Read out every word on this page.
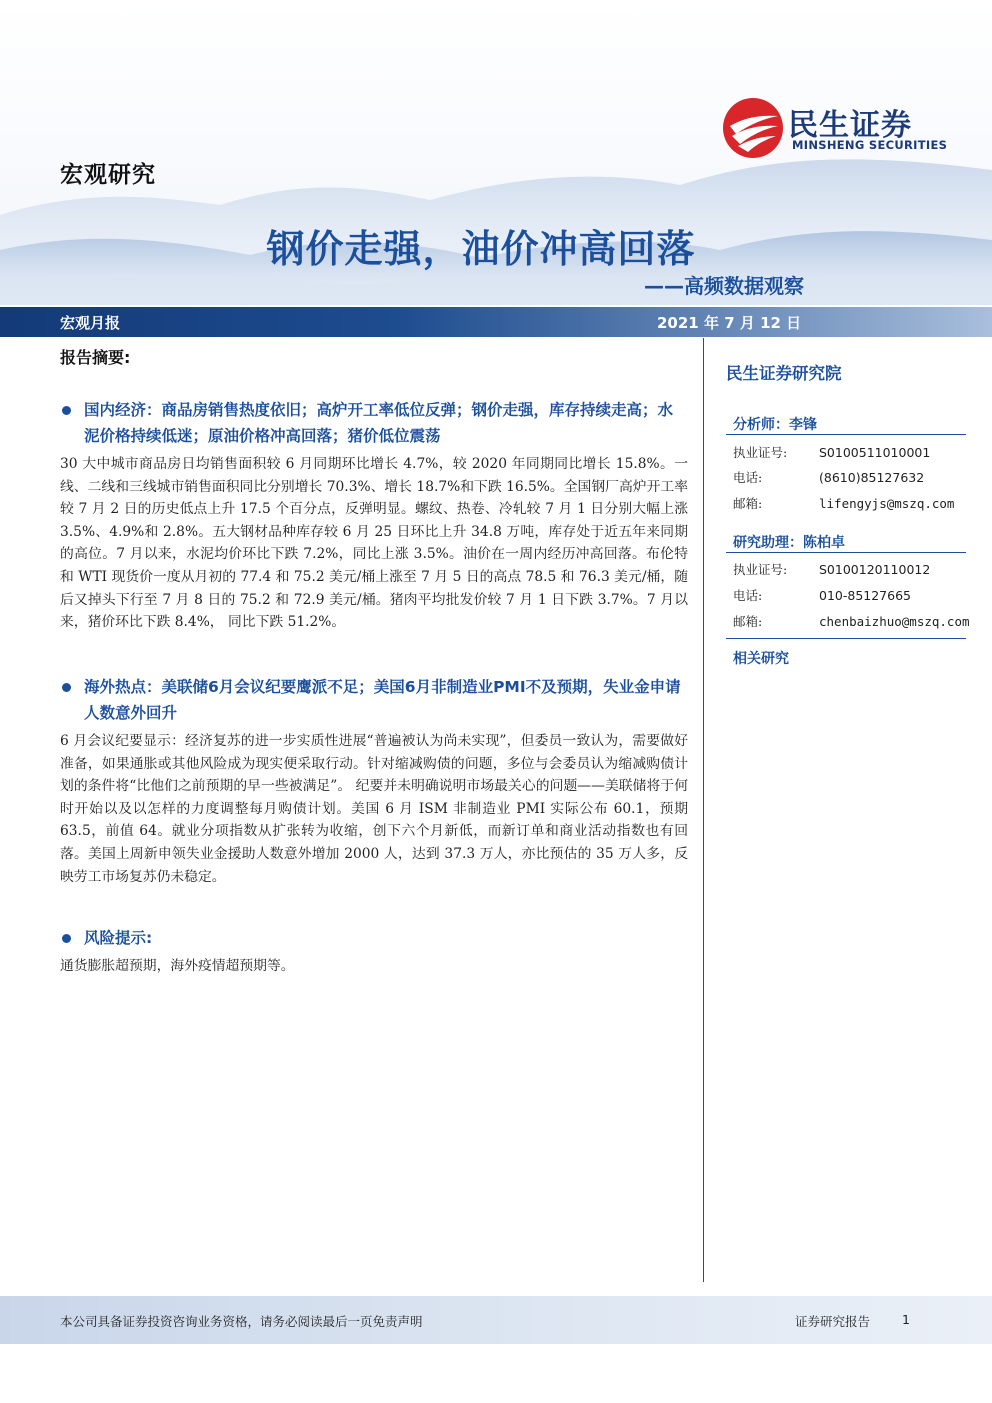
宏观研究
民生证券
MINSHENG SECURITIES
钢价走强，油价冲高回落
——高频数据观察
宏观月报	2021 年 7 月 12 日
报告摘要:
国内经济：商品房销售热度依旧；高炉开工率低位反弹；钢价走强，库存持续走高；水泥价格持续低迷；原油价格冲高回落；猪价低位震荡
30 大中城市商品房日均销售面积较 6 月同期环比增长 4.7%，较 2020 年同期同比增长 15.8%。一线、二线和三线城市销售面积同比分别增长 70.3%、增长 18.7%和下跌 16.5%。全国钢厂高炉开工率较 7 月 2 日的历史低点上升 17.5 个百分点，反弹明显。螺纹、热卷、冷轧较 7 月 1 日分别大幅上涨 3.5%、4.9%和 2.8%。五大钢材品种库存较 6 月 25 日环比上升 34.8 万吨，库存处于近五年来同期的高位。7 月以来，水泥均价环比下跌 7.2%，同比上涨 3.5%。油价在一周内经历冲高回落。布伦特和 WTI 现货价一度从月初的 77.4 和 75.2 美元/桶上涨至 7 月 5 日的高点 78.5 和 76.3 美元/桶，随后又掉头下行至 7 月 8 日的 75.2 和 72.9 美元/桶。猪肉平均批发价较 7 月 1 日下跌 3.7%。7 月以来，猪价环比下跌 8.4%， 同比下跌 51.2%。
海外热点：美联储6月会议纪要鹰派不足；美国6月非制造业PMI不及预期，失业金申请人数意外回升
6 月会议纪要显示：经济复苏的进一步实质性进展“普遍被认为尚未实现”，但委员一致认为，需要做好准备，如果通胀或其他风险成为现实便采取行动。针对缩减购债的问题，多位与会委员认为缩减购债计划的条件将“比他们之前预期的早一些被满足”。 纪要并未明确说明市场最关心的问题——美联储将于何时开始以及以怎样的力度调整每月购债计划。美国 6 月 ISM 非制造业 PMI 实际公布 60.1，预期 63.5，前值 64。就业分项指数从扩张转为收缩，创下六个月新低，而新订单和商业活动指数也有回落。美国上周新申领失业金援助人数意外增加 2000 人，达到 37.3 万人，亦比预估的 35 万人多，反映劳工市场复苏仍未稳定。
风险提示:
通货膨胀超预期，海外疫情超预期等。
民生证券研究院
分析师：李锋
执业证号:	S0100511010001
电话:	(8610)85127632
邮箱:	lifengyjs@mszq.com
研究助理：陈柏卓
执业证号:	S0100120110012
电话:	010-85127665
邮箱:	chenbaizhuo@mszq.com
相关研究
本公司具备证券投资咨询业务资格，请务必阅读最后一页免责声明	证券研究报告	1
